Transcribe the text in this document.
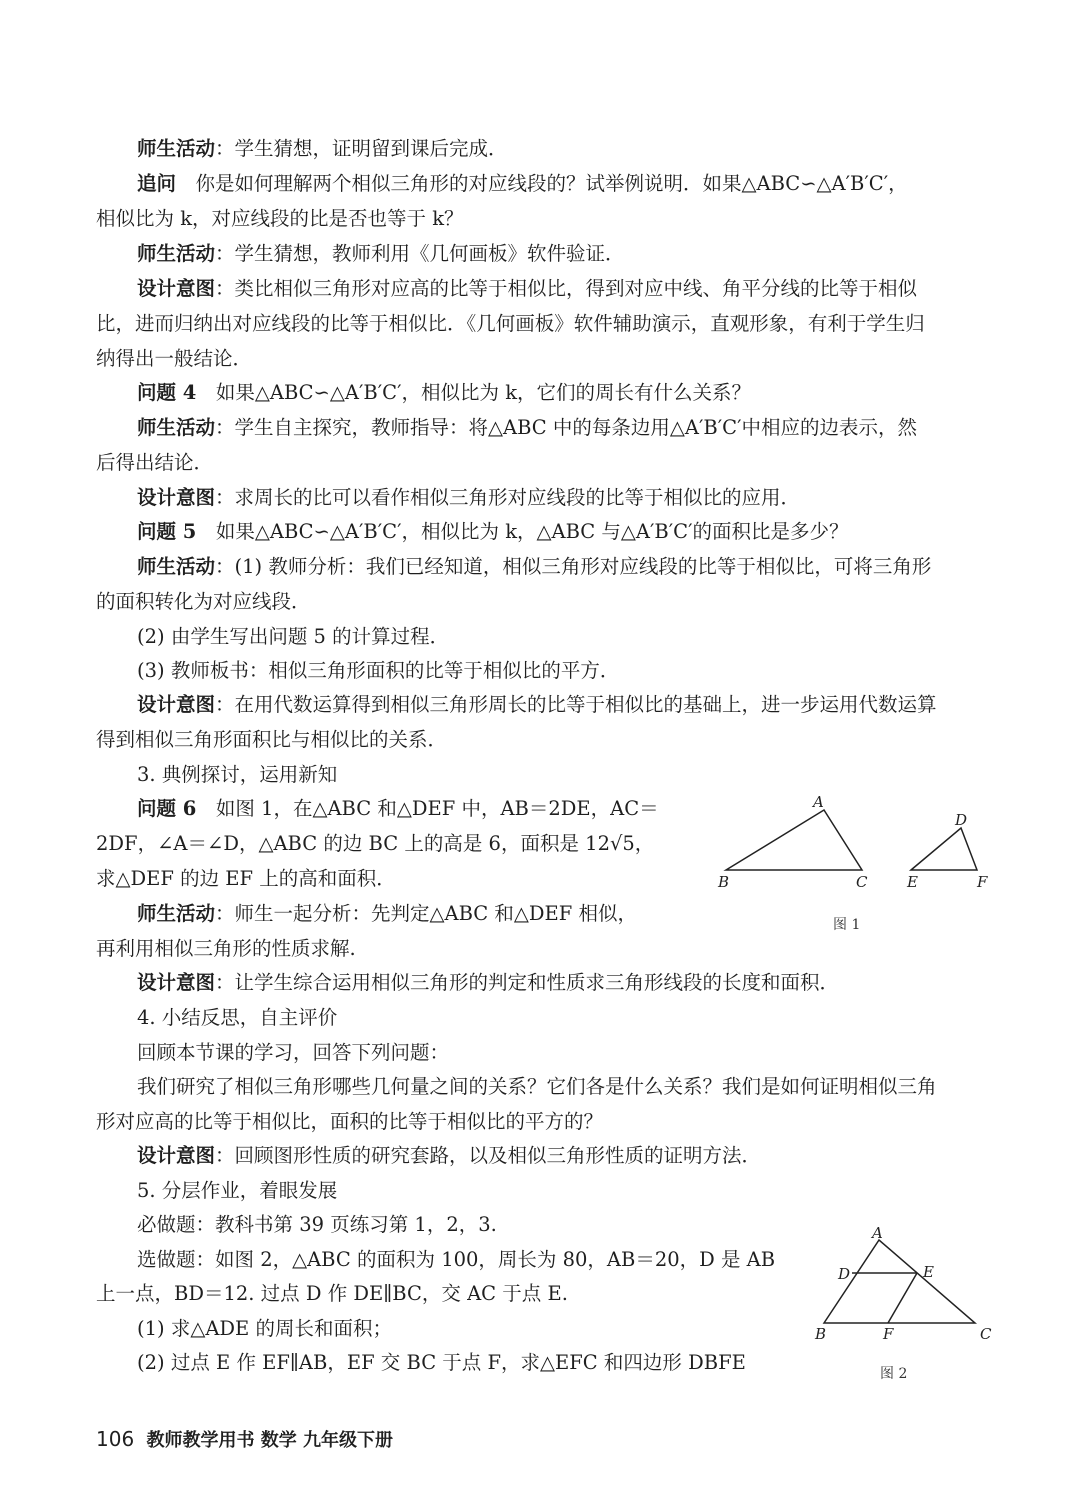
师生活动：学生猜想，证明留到课后完成．
追问　你是如何理解两个相似三角形的对应线段的？试举例说明．如果△ABC∽△A′B′C′，
相似比为 k，对应线段的比是否也等于 k？
师生活动：学生猜想，教师利用《几何画板》软件验证．
设计意图：类比相似三角形对应高的比等于相似比，得到对应中线、角平分线的比等于相似
比，进而归纳出对应线段的比等于相似比．《几何画板》软件辅助演示，直观形象，有利于学生归
纳得出一般结论．
问题 4　如果△ABC∽△A′B′C′，相似比为 k，它们的周长有什么关系？
师生活动：学生自主探究，教师指导：将△ABC 中的每条边用△A′B′C′中相应的边表示，然
后得出结论．
设计意图：求周长的比可以看作相似三角形对应线段的比等于相似比的应用．
问题 5　如果△ABC∽△A′B′C′，相似比为 k，△ABC 与△A′B′C′的面积比是多少？
师生活动：(1) 教师分析：我们已经知道，相似三角形对应线段的比等于相似比，可将三角形
的面积转化为对应线段．
(2) 由学生写出问题 5 的计算过程．
(3) 教师板书：相似三角形面积的比等于相似比的平方．
设计意图：在用代数运算得到相似三角形周长的比等于相似比的基础上，进一步运用代数运算
得到相似三角形面积比与相似比的关系．
3. 典例探讨，运用新知
问题 6　如图 1，在△ABC 和△DEF 中，AB＝2DE，AC＝
2DF，∠A＝∠D，△ABC 的边 BC 上的高是 6，面积是 12√5，
求△DEF 的边 EF 上的高和面积．
师生活动：师生一起分析：先判定△ABC 和△DEF 相似，
再利用相似三角形的性质求解.
设计意图：让学生综合运用相似三角形的判定和性质求三角形线段的长度和面积．
4. 小结反思，自主评价
回顾本节课的学习，回答下列问题：
我们研究了相似三角形哪些几何量之间的关系？它们各是什么关系？我们是如何证明相似三角
形对应高的比等于相似比，面积的比等于相似比的平方的？
设计意图：回顾图形性质的研究套路，以及相似三角形性质的证明方法．
5. 分层作业，着眼发展
必做题：教科书第 39 页练习第 1，2，3.
选做题：如图 2，△ABC 的面积为 100，周长为 80，AB＝20，D 是 AB
上一点，BD＝12. 过点 D 作 DE∥BC，交 AC 于点 E.
(1) 求△ADE 的周长和面积；
(2) 过点 E 作 EF∥AB，EF 交 BC 于点 F，求△EFC 和四边形 DBFE
A
B	C
D
E	F
图 1
A
B	C
D	E
F
图 2
106 教师教学用书 数学 九年级下册
